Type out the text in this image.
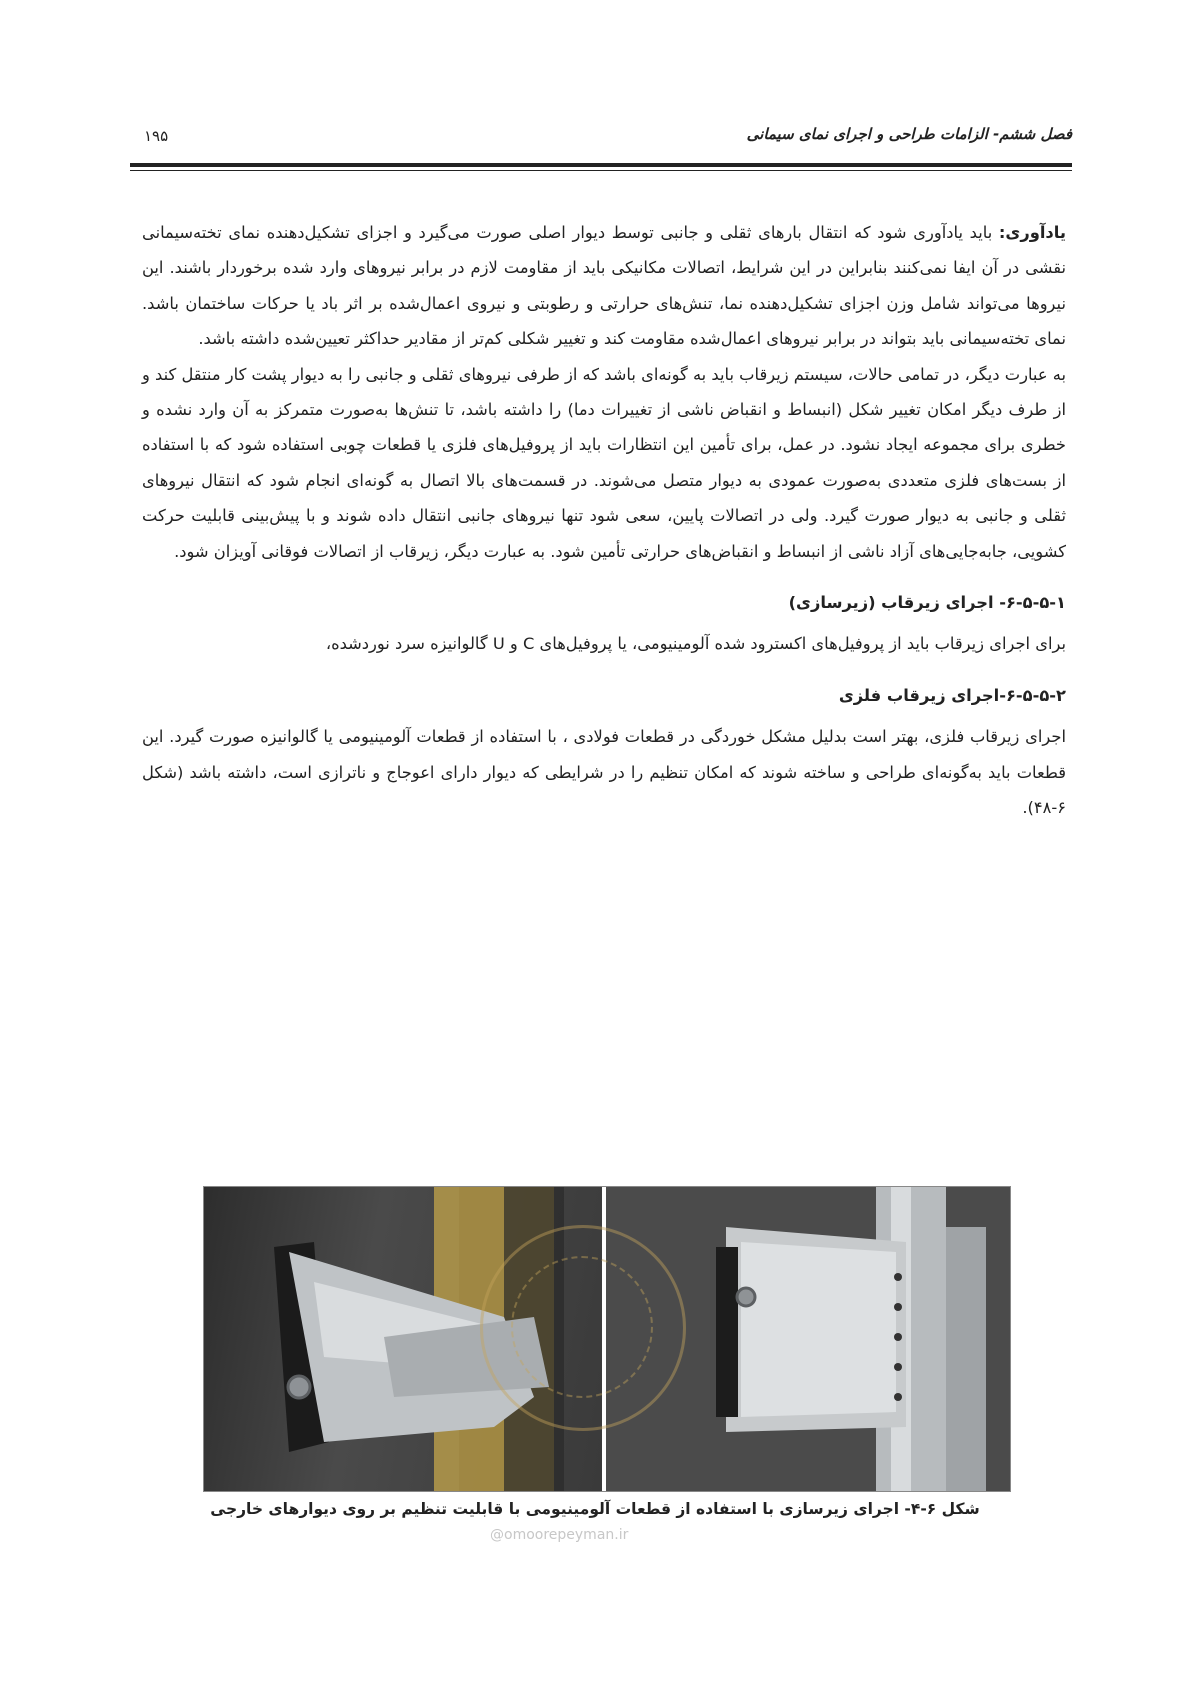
فصل ششم- الزامات طراحی و اجرای نمای سیمانی
۱۹۵

یادآوری: باید یادآوری شود که انتقال بارهای ثقلی و جانبی توسط دیوار اصلی صورت می‌گیرد و اجزای تشکیل‌دهنده نمای تخته‌سیمانی نقشی در آن ایفا نمی‌کنند بنابراین در این شرایط، اتصالات مکانیکی باید از مقاومت لازم در برابر نیروهای وارد شده برخوردار باشند. این نیروها می‌تواند شامل وزن اجزای تشکیل‌دهنده نما، تنش‌های حرارتی و رطوبتی و نیروی اعمال‌شده بر اثر باد یا حرکات ساختمان باشد. نمای تخته‌سیمانی باید بتواند در برابر نیروهای اعمال‌شده مقاومت کند و تغییر شکلی کم‌تر از مقادیر حداکثر تعیین‌شده داشته باشد.

به عبارت دیگر، در تمامی حالات، سیستم زیرقاب باید به گونه‌ای باشد که از طرفی نیروهای ثقلی و جانبی را به دیوار پشت کار منتقل کند و از طرف دیگر امکان تغییر شکل (انبساط و انقباض ناشی از تغییرات دما) را داشته باشد، تا تنش‌ها به‌صورت متمرکز به آن وارد نشده و خطری برای مجموعه ایجاد نشود. در عمل، برای تأمین این انتظارات باید از پروفیل‌های فلزی یا قطعات چوبی استفاده شود که با استفاده از بست‌های فلزی متعددی به‌صورت عمودی به دیوار متصل می‌شوند. در قسمت‌های بالا اتصال به گونه‌ای انجام شود که انتقال نیروهای ثقلی و جانبی به دیوار صورت گیرد. ولی در اتصالات پایین، سعی شود تنها نیروهای جانبی انتقال داده شوند و با پیش‌بینی قابلیت حرکت کشویی، جابه‌جایی‌های آزاد ناشی از انبساط و انقباض‌های حرارتی تأمین شود. به عبارت دیگر، زیرقاب از اتصالات فوقانی آویزان شود.

۶-۵-۵-۱- اجرای زیرقاب (زیرسازی)

برای اجرای زیرقاب باید از پروفیل‌های اکسترود شده آلومینیومی، یا پروفیل‌های C و U گالوانیزه سرد نوردشده،

۶-۵-۵-۲-اجرای زیرقاب فلزی

اجرای زیرقاب فلزی، بهتر است بدلیل مشکل خوردگی در قطعات فولادی ، با استفاده از قطعات آلومینیومی یا گالوانیزه صورت گیرد. این قطعات باید به‌گونه‌ای طراحی و ساخته شوند که امکان تنظیم را در شرایطی که دیوار دارای اعوجاج و ناترازی است، داشته باشد (شکل ۶-۴۸).

شکل ۶-۴- اجرای زیرسازی با استفاده از قطعات آلومینیومی با قابلیت تنظیم بر روی دیوارهای خارجی
@omoorepeyman.ir
